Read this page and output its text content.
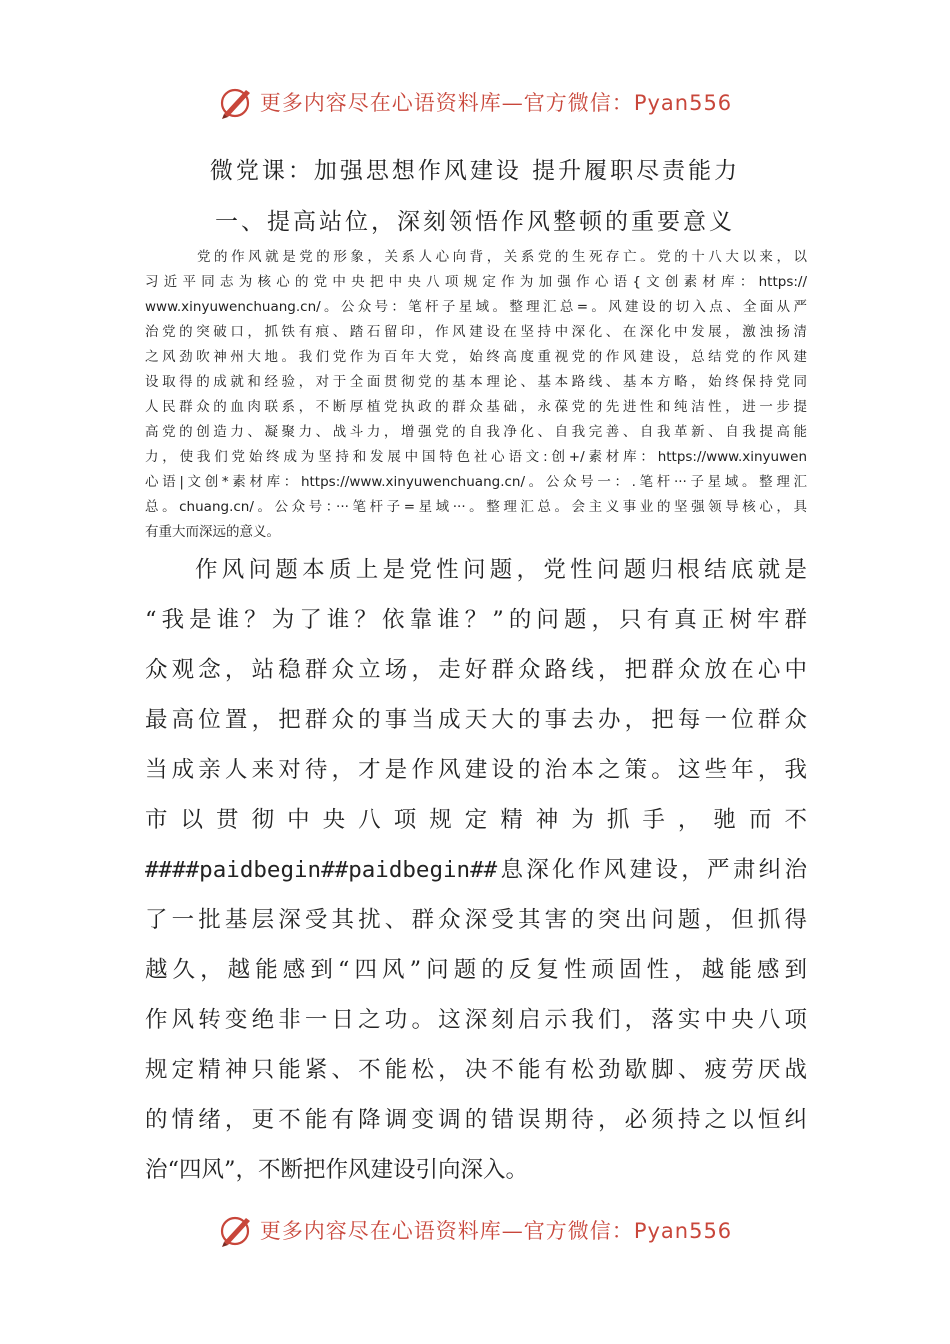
更多内容尽在心语资料库—官方微信：Pyan556
微党课：加强思想作风建设 提升履职尽责能力
一、提高站位，深刻领悟作风整顿的重要意义
党的作风就是党的形象，关系人心向背，关系党的生死存亡。党的十八大以来，以
习近平同志为核心的党中央把中央八项规定作为加强作心语{文创素材库：https://
www.xinyuwenchuang.cn/。公众号：笔杆子星域。整理汇总=。风建设的切入点、全面从严
治党的突破口，抓铁有痕、踏石留印，作风建设在坚持中深化、在深化中发展，激浊扬清
之风劲吹神州大地。我们党作为百年大党，始终高度重视党的作风建设，总结党的作风建
设取得的成就和经验，对于全面贯彻党的基本理论、基本路线、基本方略，始终保持党同
人民群众的血肉联系，不断厚植党执政的群众基础，永葆党的先进性和纯洁性，进一步提
高党的创造力、凝聚力、战斗力，增强党的自我净化、自我完善、自我革新、自我提高能
力，使我们党始终成为坚持和发展中国特色社心语文:创+/素材库：https://www.xinyuwen
心语|文创*素材库：https://www.xinyuwenchuang.cn/。公众号一：.笔杆···子星域。整理汇
总。chuang.cn/。公众号：···笔杆子=星域···。整理汇总。会主义事业的坚强领导核心，具
有重大而深远的意义。
作风问题本质上是党性问题，党性问题归根结底就是
“我是谁？为了谁？依靠谁？”的问题，只有真正树牢群
众观念，站稳群众立场，走好群众路线，把群众放在心中
最高位置，把群众的事当成天大的事去办，把每一位群众
当成亲人来对待，才是作风建设的治本之策。这些年，我
市以贯彻中央八项规定精神为抓手，驰而不
####paidbegin##paidbegin##息深化作风建设，严肃纠治
了一批基层深受其扰、群众深受其害的突出问题，但抓得
越久，越能感到“四风”问题的反复性顽固性，越能感到
作风转变绝非一日之功。这深刻启示我们，落实中央八项
规定精神只能紧、不能松，决不能有松劲歇脚、疲劳厌战
的情绪，更不能有降调变调的错误期待，必须持之以恒纠
治“四风”，不断把作风建设引向深入。
更多内容尽在心语资料库—官方微信：Pyan556
